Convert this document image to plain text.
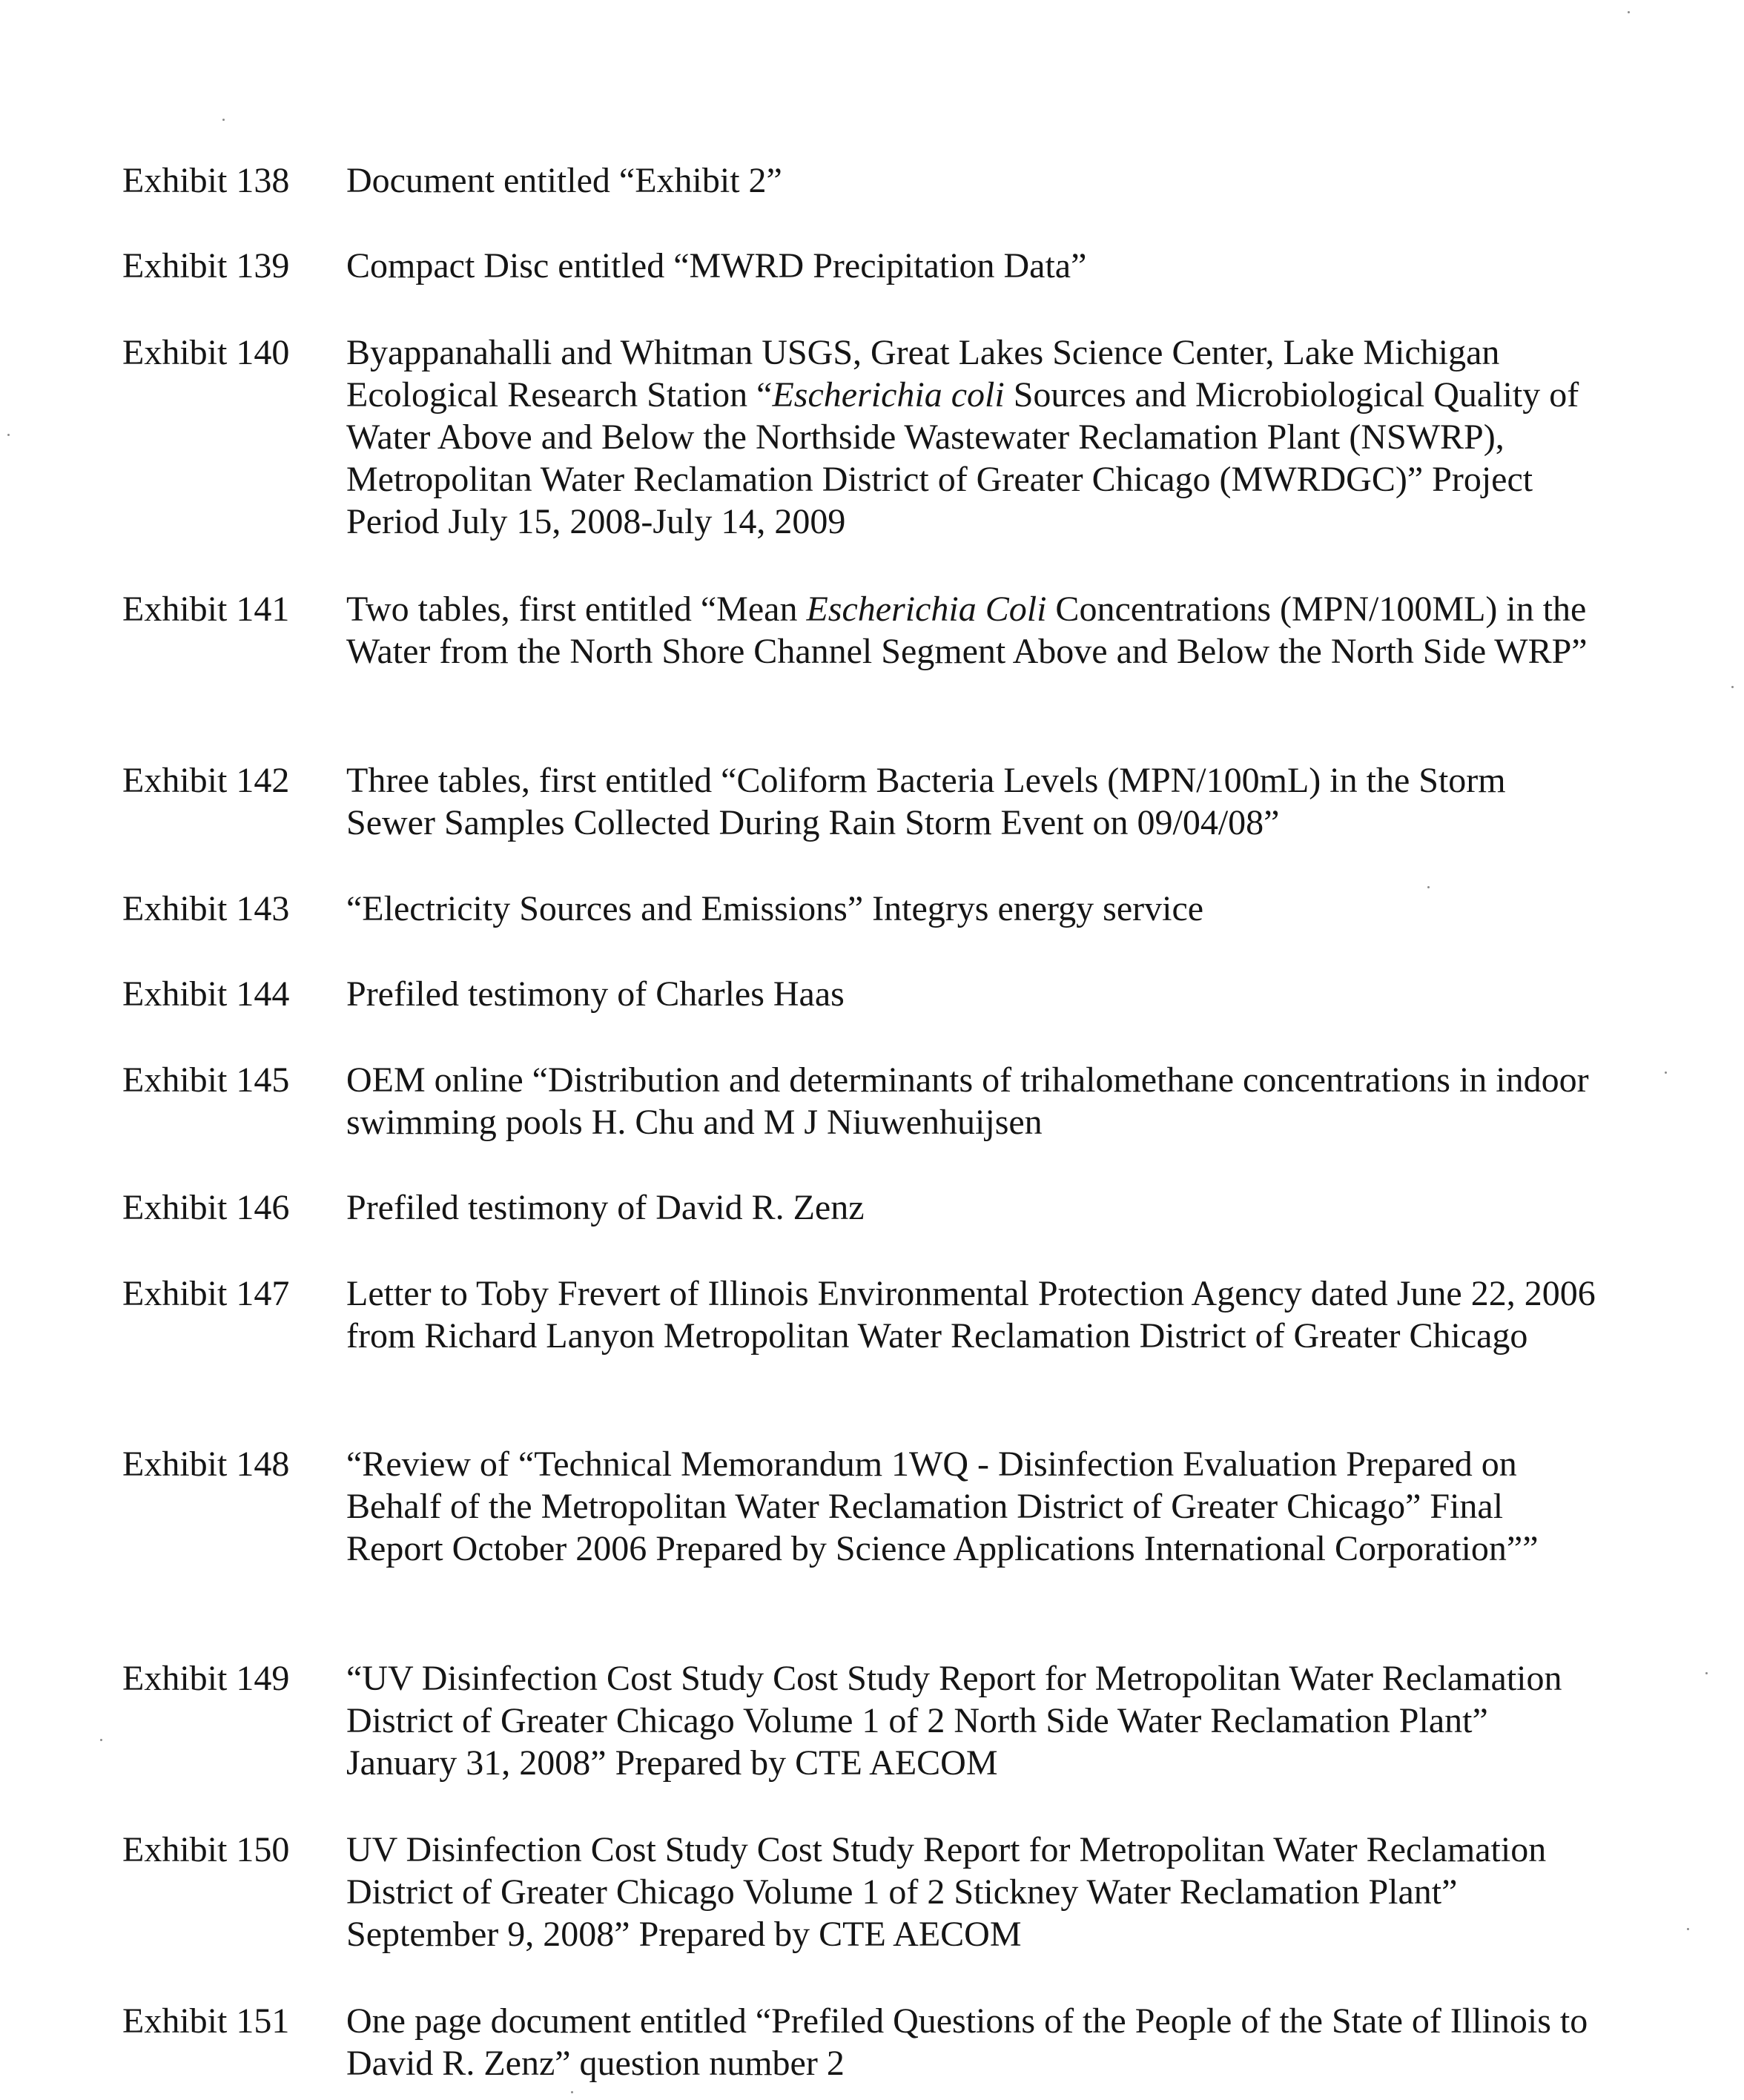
Exhibit 138	Document entitled “Exhibit 2”
Exhibit 139	Compact Disc entitled “MWRD Precipitation Data”
Exhibit 140	Byappanahalli and Whitman USGS, Great Lakes Science Center, Lake Michigan Ecological Research Station “Escherichia coli Sources and Microbiological Quality of Water Above and Below the Northside Wastewater Reclamation Plant (NSWRP), Metropolitan Water Reclamation District of Greater Chicago (MWRDGC)” Project Period July 15, 2008-July 14, 2009
Exhibit 141	Two tables, first entitled “Mean Escherichia Coli Concentrations (MPN/100ML) in the Water from the North Shore Channel Segment Above and Below the North Side WRP”
Exhibit 142	Three tables, first entitled “Coliform Bacteria Levels (MPN/100mL) in the Storm Sewer Samples Collected During Rain Storm Event on 09/04/08”
Exhibit 143	“Electricity Sources and Emissions” Integrys energy service
Exhibit 144	Prefiled testimony of Charles Haas
Exhibit 145	OEM online “Distribution and determinants of trihalomethane concentrations in indoor swimming pools H. Chu and M J Niuwenhuijsen
Exhibit 146	Prefiled testimony of David R. Zenz
Exhibit 147	Letter to Toby Frevert of Illinois Environmental Protection Agency dated June 22, 2006 from Richard Lanyon Metropolitan Water Reclamation District of Greater Chicago
Exhibit 148	“Review of “Technical Memorandum 1WQ - Disinfection Evaluation Prepared on Behalf of the Metropolitan Water Reclamation District of Greater Chicago” Final Report October 2006 Prepared by Science Applications International Corporation””
Exhibit 149	“UV Disinfection Cost Study Cost Study Report for Metropolitan Water Reclamation District of Greater Chicago Volume 1 of 2 North Side Water Reclamation Plant” January 31, 2008” Prepared by CTE AECOM
Exhibit 150	UV Disinfection Cost Study Cost Study Report for Metropolitan Water Reclamation District of Greater Chicago Volume 1 of 2 Stickney Water Reclamation Plant” September 9, 2008” Prepared by CTE AECOM
Exhibit 151	One page document entitled “Prefiled Questions of the People of the State of Illinois to David R. Zenz” question number 2
